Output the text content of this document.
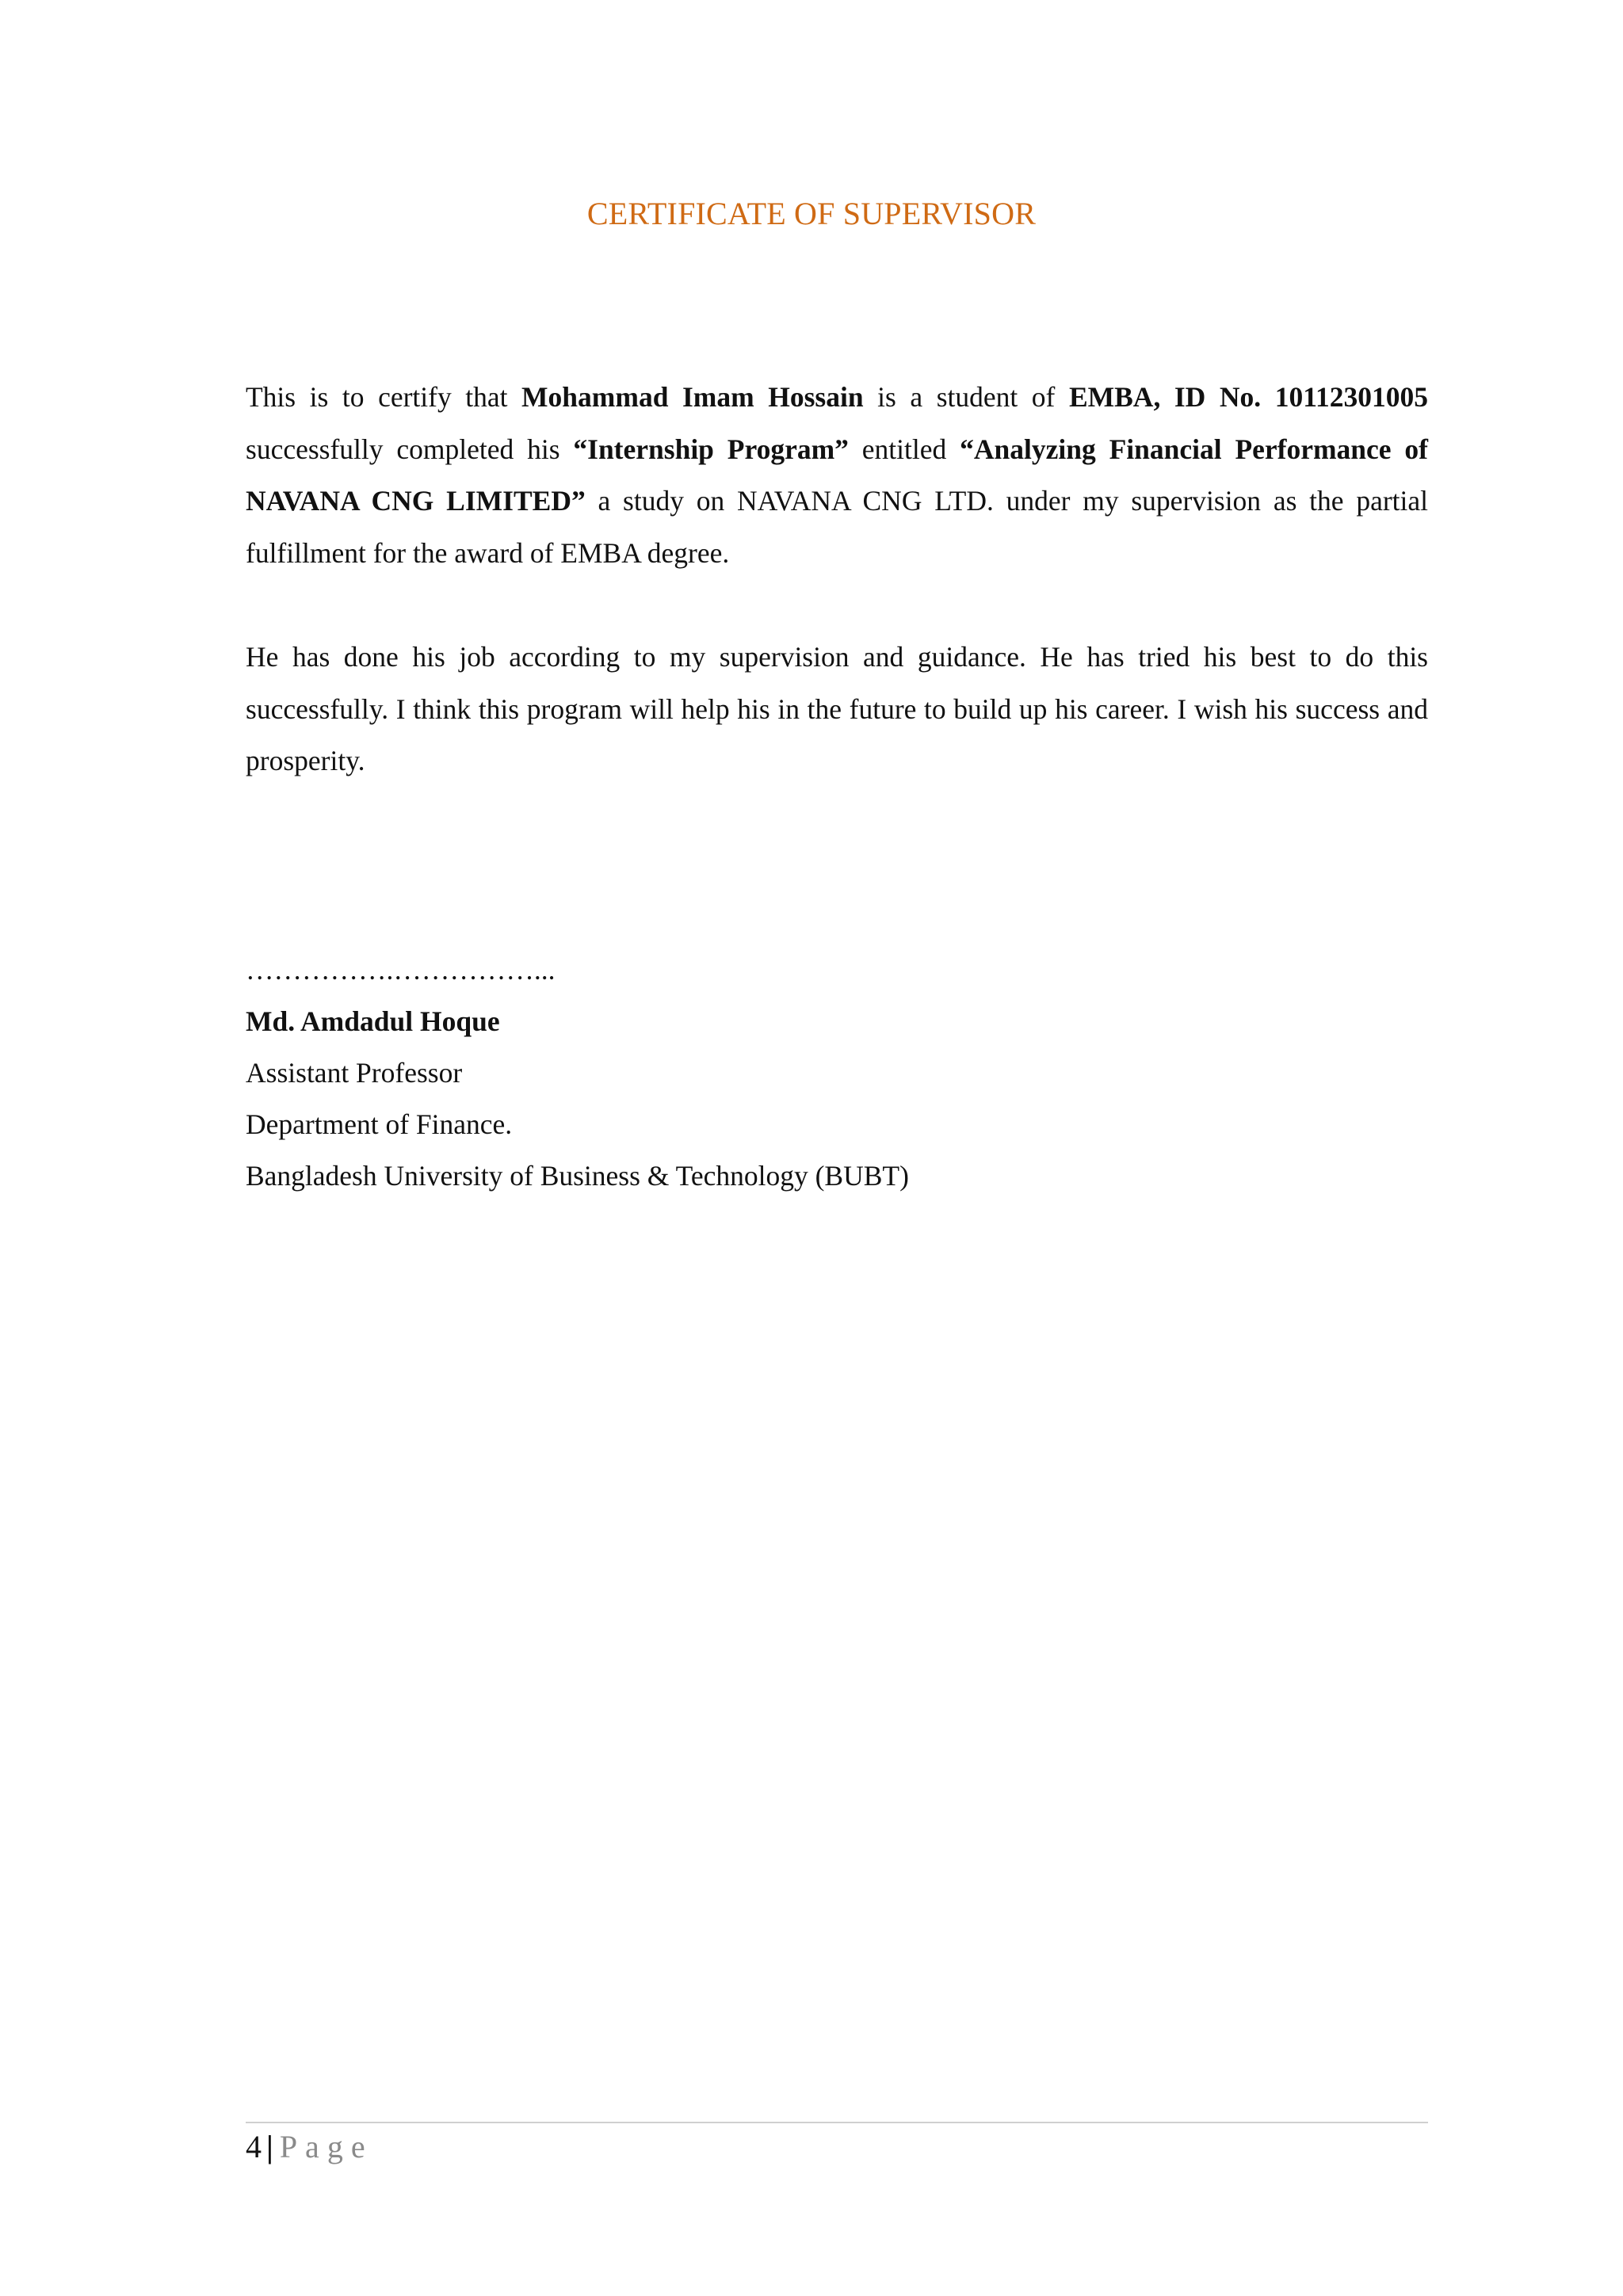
CERTIFICATE OF SUPERVISOR

This is to certify that Mohammad Imam Hossain is a student of EMBA, ID No. 10112301005 successfully completed his “Internship Program” entitled “Analyzing Financial Performance of NAVANA CNG LIMITED” a study on NAVANA CNG LTD. under my supervision as the partial fulfillment for the award of EMBA degree.

He has done his job according to my supervision and guidance. He has tried his best to do this successfully. I think this program will help his in the future to build up his career. I wish his success and prosperity.

…………….……………...
Md. Amdadul Hoque
Assistant Professor
Department of Finance.
Bangladesh University of Business & Technology (BUBT)
4 | Page
